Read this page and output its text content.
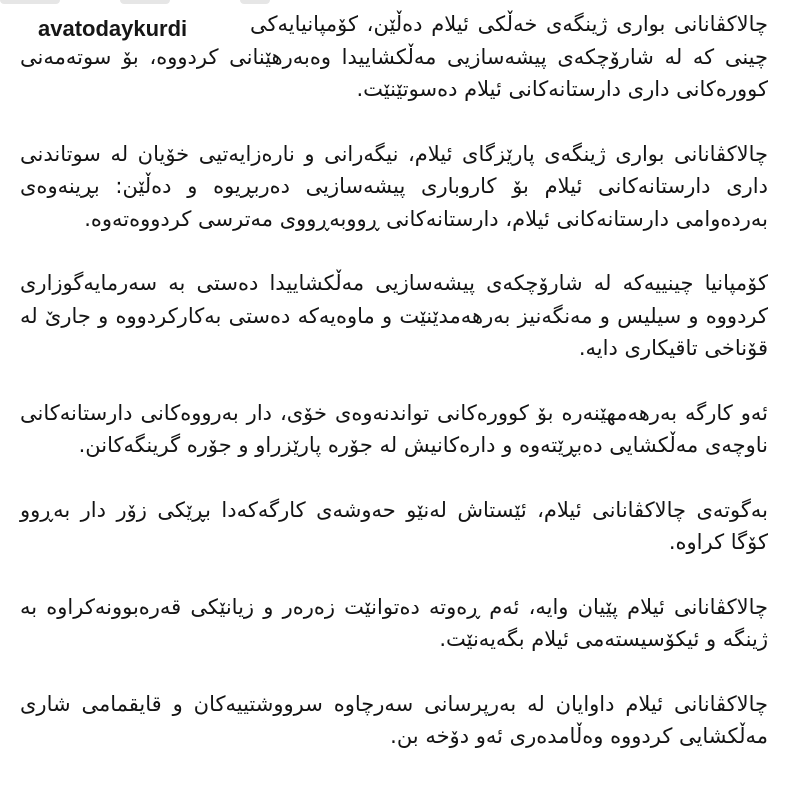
avatodaykurdi	چالاکڤانانی بواری ژینگەی خەڵکی ئیلام دەڵێن، کۆمپانیایەکی چینی کە لە شارۆچکەی پیشەسازیی مەڵکشاییدا وەبەرهێنانی کردووە، بۆ سوتەمەنی کوورەکانی داری دارستانەکانی ئیلام دەسوتێنێت.

چالاکڤانانی بواری ژینگەی پارێزگای ئیلام، نیگەرانی و نارەزایەتیی خۆیان لە سوتاندنی داری دارستانەکانی ئیلام بۆ کاروباری پیشەسازیی دەربڕیوە و دەڵێن: بڕینەوەی بەردەوامی دارستانەکانی ئیلام، دارستانەکانی ڕووبەڕووی مەترسی کردووەتەوە.

کۆمپانیا چینییەکە لە شارۆچکەی پیشەسازیی مەڵکشاییدا دەستی بە سەرمایەگوزاری کردووە و سیلیس و مەنگەنیز بەرهەمدێنێت و ماوەیەکە دەستی بەکارکردووە و جارێ لە قۆناخی تاقیکاری دایە.

ئەو کارگە بەرهەمهێنەرە بۆ کوورەکانی تواندنەوەی خۆی، دار بەرووەکانی دارستانەکانی ناوچەی مەڵکشایی دەبڕێتەوە و دارەکانیش لە جۆرە پارێزراو و جۆرە گرینگەکانن.

بەگوتەی چالاکڤانانی ئیلام، ئێستاش لەنێو حەوشەی کارگەکەدا بڕێکی زۆر دار بەڕوو کۆگا کراوە.

چالاکڤانانی ئیلام پێیان وایە، ئەم ڕەوتە دەتوانێت زەرەر و زیانێکی قەرەبوونەکراوە بە ژینگە و ئیکۆسیستەمی ئیلام بگەیەنێت.

چالاکڤانانی ئیلام داوایان لە بەرپرسانی سەرچاوە سرووشتییەکان و قایقمامی شاری مەڵکشایی کردووە وەڵامدەری ئەو دۆخە بن.
